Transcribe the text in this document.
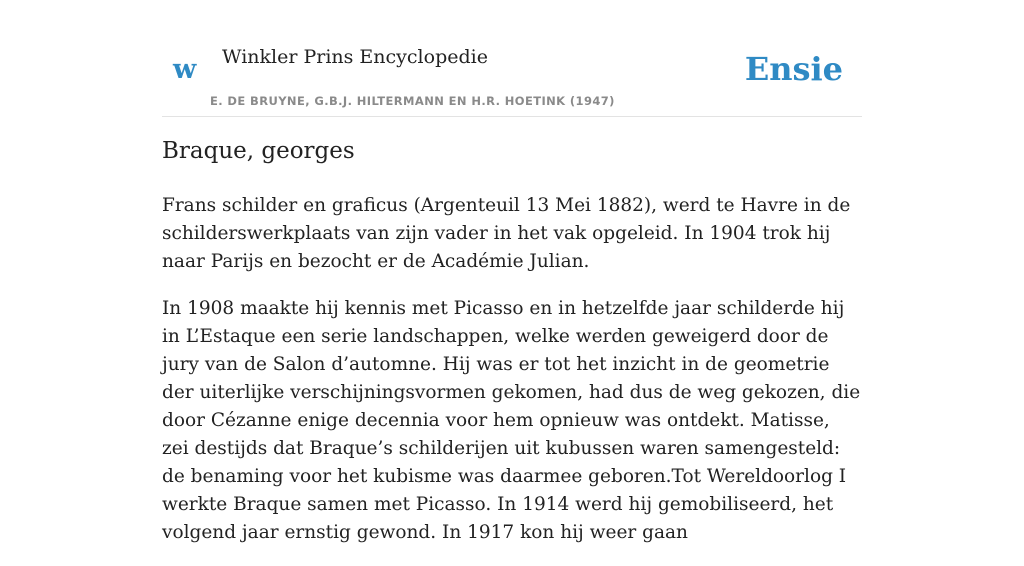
w Winkler Prins Encyclopedie
E. DE BRUYNE, G.B.J. HILTERMANN EN H.R. HOETINK (1947)
Ensie
Braque, georges

Frans schilder en graficus (Argenteuil 13 Mei 1882), werd te Havre in de schilderswerkplaats van zijn vader in het vak opgeleid. In 1904 trok hij naar Parijs en bezocht er de Académie Julian.

In 1908 maakte hij kennis met Picasso en in hetzelfde jaar schilderde hij in L’Estaque een serie landschappen, welke werden geweigerd door de jury van de Salon d’automne. Hij was er tot het inzicht in de geometrie der uiterlijke verschijningsvormen gekomen, had dus de weg gekozen, die door Cézanne enige decennia voor hem opnieuw was ontdekt. Matisse, zei destijds dat Braque’s schilderijen uit kubussen waren samengesteld: de benaming voor het kubisme was daarmee geboren.Tot Wereldoorlog I werkte Braque samen met Picasso. In 1914 werd hij gemobiliseerd, het volgend jaar ernstig gewond. In 1917 kon hij weer gaan
